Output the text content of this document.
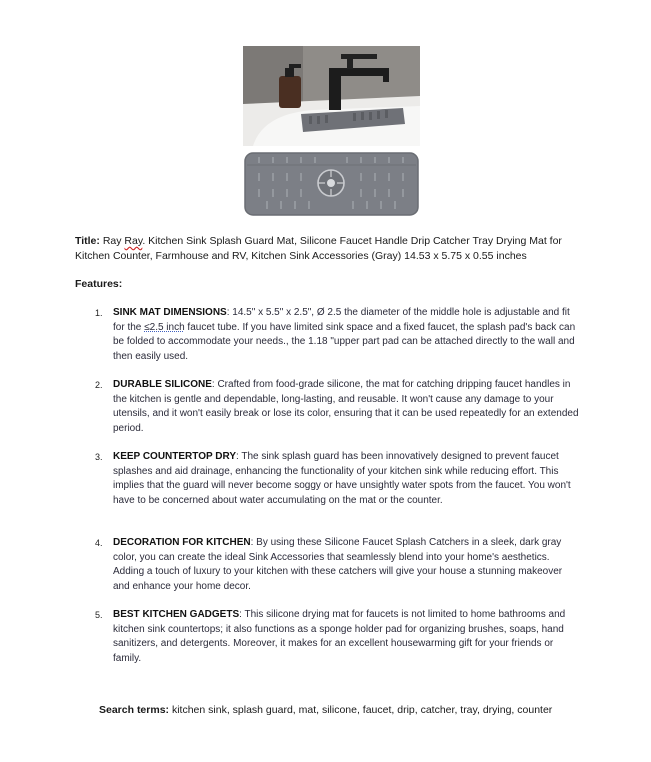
Title: Ray Ray. Kitchen Sink Splash Guard Mat, Silicone Faucet Handle Drip Catcher Tray Drying Mat for Kitchen Counter, Farmhouse and RV, Kitchen Sink Accessories (Gray) 14.53 x 5.75 x 0.55 inches
Features:
1. SINK MAT DIMENSIONS: 14.5" x 5.5" x 2.5", Ø 2.5 the diameter of the middle hole is adjustable and fit for the ≤2.5 inch faucet tube. If you have limited sink space and a fixed faucet, the splash pad's back can be folded to accommodate your needs., the 1.18 "upper part pad can be attached directly to the wall and then easily used.
2. DURABLE SILICONE: Crafted from food-grade silicone, the mat for catching dripping faucet handles in the kitchen is gentle and dependable, long-lasting, and reusable. It won't cause any damage to your utensils, and it won't easily break or lose its color, ensuring that it can be used repeatedly for an extended period.
3. KEEP COUNTERTOP DRY: The sink splash guard has been innovatively designed to prevent faucet splashes and aid drainage, enhancing the functionality of your kitchen sink while reducing effort. This implies that the guard will never become soggy or have unsightly water spots from the faucet. You won't have to be concerned about water accumulating on the mat or the counter.
4. DECORATION FOR KITCHEN: By using these Silicone Faucet Splash Catchers in a sleek, dark gray color, you can create the ideal Sink Accessories that seamlessly blend into your home's aesthetics. Adding a touch of luxury to your kitchen with these catchers will give your house a stunning makeover and enhance your home decor.
5. BEST KITCHEN GADGETS: This silicone drying mat for faucets is not limited to home bathrooms and kitchen sink countertops; it also functions as a sponge holder pad for organizing brushes, soaps, hand sanitizers, and detergents. Moreover, it makes for an excellent housewarming gift for your friends or family.
Search terms: kitchen sink, splash guard, mat, silicone, faucet, drip, catcher, tray, drying, counter
